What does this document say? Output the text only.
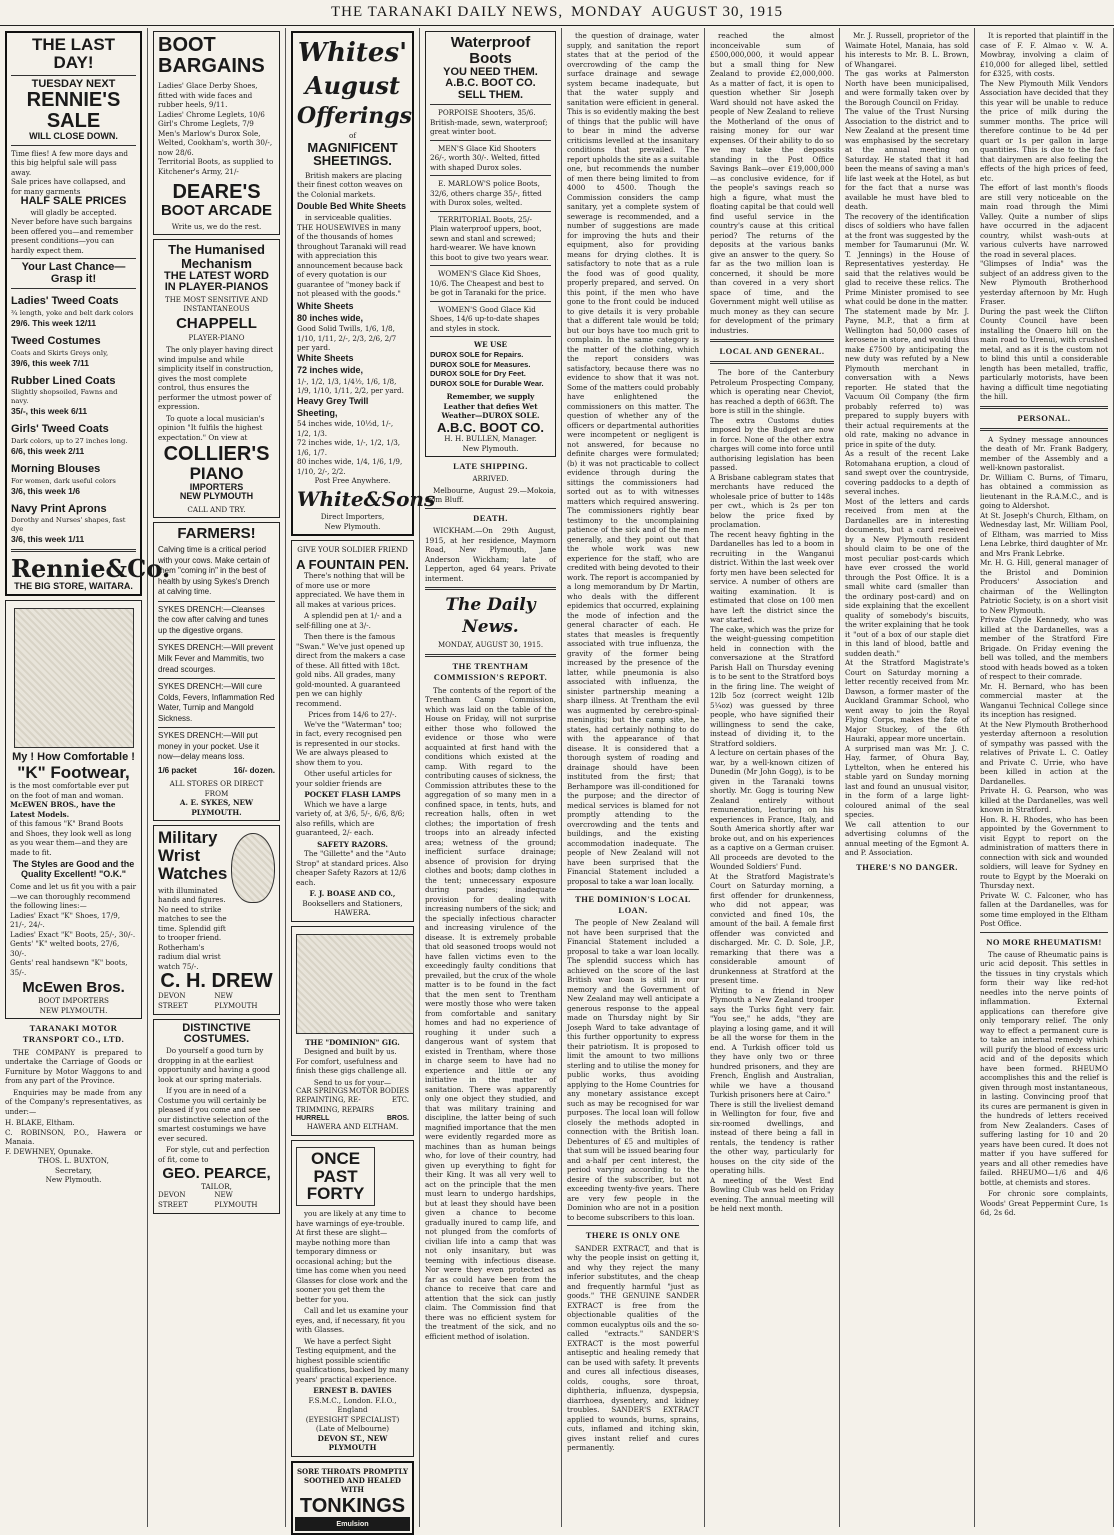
THE TARANAKI DAILY NEWS, MONDAY AUGUST 30, 1915
THE LAST DAY!
TUESDAY NEXT
RENNIE'S
SALE
WILL CLOSE DOWN.
Time flies! A few more days and this big helpful sale will pass away.
Sale prices have collapsed, and for many garments
HALF SALE PRICES
will gladly be accepted.
Never before have such bargains been offered you—and remember present conditions—you can hardly expect them.
Your Last Chance—
Grasp it!
Ladies' Tweed Coats
¾ length, yoke and belt dark colors
29/6. This week 12/11
Tweed Costumes
Coats and Skirts Greys only,
39/6, this week 7/11
Rubber Lined Coats
Slightly shopsoiled, Fawns and navy.
35/-, this week 6/11
Girls' Tweed Coats
Dark colors, up to 27 inches long.
6/6, this week 2/11
Morning Blouses
For women, dark useful colors
3/6, this week 1/6
Navy Print Aprons
Dorothy and Nurses' shapes, fast dye
3/6, this week 1/11
Rennie&Co.
THE BIG STORE, WAITARA.
My ! How Comfortable !
"K" Footwear,
is the most comfortable ever put on the foot of man and woman.
McEWEN BROS., have the Latest Models.
of this famous "K" Brand Boots and Shoes, they look well as long as you wear them—and they are made to fit.
The Styles are Good and the Quality Excellent! "O.K."
Come and let us fit you with a pair—we can thoroughly recommend the following lines:—
Ladies' Exact "K" Shoes, 17/9, 21/-, 24/-.
Ladies' Exact "K" Boots, 25/-, 30/-.
Gents' "K" welted boots, 27/6, 30/-.
Gents' real handsewn "K" boots, 35/-.
McEwen Bros.
BOOT IMPORTERS
NEW PLYMOUTH.
TARANAKI MOTOR TRANSPORT CO., LTD.
THE COMPANY is prepared to undertake the Carriage of Goods or Furniture by Motor Waggons to and from any part of the Province.
Enquiries may be made from any of the Company's representatives, as under:—
H. BLAKE, Eltham.
C. ROBINSON, P.O., Hawera or Manaia.
F. DEWHNEY, Opunake.
THOS. L. BUXTON,
Secretary,
New Plymouth.
BOOT
BARGAINS
Ladies' Glace Derby Shoes, fitted with wide faces and rubber heels, 9/11.
Ladies' Chrome Leglets, 10/6
Girl's Chrome Leglets, 7/9
Men's Marlow's Durox Sole, Welted, Cookham's, worth 30/-, now 28/6.
Territorial Boots, as supplied to Kitchener's Army, 21/-
DEARE'S
BOOT ARCADE
Write us, we do the rest.
The Humanised
Mechanism
THE LATEST WORD
IN PLAYER-PIANOS
THE MOST SENSITIVE AND INSTANTANEOUS
CHAPPELL
PLAYER-PIANO
The only player having direct wind impulse and while simplicity itself in construction, gives the most complete control, thus ensures the performer the utmost power of expression.
To quote a local musician's opinion "It fulfils the highest expectation." On view at
COLLIER'S
PIANO
IMPORTERS
NEW PLYMOUTH
CALL AND TRY.
FARMERS!
Calving time is a critical period with your cows. Make certain of them "coming in" in the best of health by using Sykes's Drench at calving time.
SYKES DRENCH:—Cleanses the cow after calving and tunes up the digestive organs.
SYKES DRENCH:—Will prevent Milk Fever and Mammitis, two dread scourges.
SYKES DRENCH:—Will cure Colds, Fevers, Inflammation Red Water, Turnip and Mangold Sickness.
SYKES DRENCH:—Will put money in your pocket. Use it now—delay means loss.
1/6 packet	16/- dozen.
ALL STORES OR DIRECT FROM
A. E. SYKES, NEW PLYMOUTH.
Military
Wrist
Watches
with illuminated hands and figures. No need to strike matches to see the time. Splendid gift to trooper friend.
Rotherham's radium dial wrist watch 75/-.
C. H. DREW
DEVON STREET
NEW PLYMOUTH
DISTINCTIVE COSTUMES.
Do yourself a good turn by dropping in at the earliest opportunity and having a good look at our spring materials.
If you are in need of a Costume you will certainly be pleased if you come and see our distinctive selection of the smartest costumings we have ever secured.
For style, cut and perfection of fit, come to
GEO. PEARCE,
TAILOR,
DEVON STREET
NEW PLYMOUTH
Whites'
August
Offerings
of
MAGNIFICENT
SHEETINGS.
British makers are placing their finest cotton weaves on the Colonial markets.
Double Bed White Sheets
in serviceable qualities. THE HOUSEWIVES in many of the thousands of homes throughout Taranaki will read with appreciation this announcement because back of every quotation is our guarantee of "money back if not pleased with the goods."
White Sheets
80 inches wide,
Good Solid Twills, 1/6, 1/8, 1/10, 1/11, 2/-, 2/3, 2/6, 2/7 per yard.
White Sheets
72 inches wide,
1/-, 1/2, 1/3, 1/4½, 1/6, 1/8, 1/9, 1/10, 1/11, 2/2, per yard.
Heavy Grey Twill Sheeting,
54 inches wide, 10½d, 1/-, 1/2, 1/3.
72 inches wide, 1/-, 1/2, 1/3, 1/6, 1/7.
80 inches wide, 1/4, 1/6, 1/9, 1/10, 2/-, 2/2.
Post Free Anywhere.
White&Sons
Direct Importers,
New Plymouth.
GIVE YOUR SOLDIER FRIEND
A FOUNTAIN PEN.
There's nothing that will be of more use or more appreciated. We have them in all makes at various prices.
A splendid pen at 1/- and a self-filling one at 3/-.
Then there is the famous "Swan." We've just opened up direct from the makers a case of these. All fitted with 18ct. gold nibs. All grades, many gold-mounted. A guaranteed pen we can highly recommend.
Prices from 14/6 to 27/-.
We've the "Waterman" too; in fact, every recognised pen is represented in our stocks. We are always pleased to show them to you.
Other useful articles for your soldier friends are
POCKET FLASH LAMPS
Which we have a large variety of, at 3/6, 5/-, 6/6, 8/6; also refills, which are guaranteed, 2/- each.
SAFETY RAZORS.
The "Gillette" and the "Auto Strop" at standard prices. Also cheaper Safety Razors at 12/6 each.
F. J. BOASE AND CO.,
Booksellers and Stationers,
HAWERA.
THE "DOMINION" GIG.
Designed and built by us. For comfort, usefulness and finish these gigs challenge all.
Send to us for your—
CAR SPRINGS MOTOR BODIES
REPAINTING, RE-TRIMMING, REPAIRS
ETC.
HURRELL	BROS.
HAWERA AND ELTHAM.
ONCE
PAST
FORTY
you are likely at any time to have warnings of eye-trouble. At first these are slight—maybe nothing more than temporary dimness or occasional aching; but the time has come when you need Glasses for close work and the sooner you get them the better for you.
Call and let us examine your eyes, and, if necessary, fit you with Glasses.
We have a perfect Sight Testing equipment, and the highest possible scientific qualifications, backed by many years' practical experience.
ERNEST B. DAVIES
F.S.M.C., London. F.I.O., England
(EYESIGHT SPECIALIST)
(Late of Melbourne)
DEVON ST., NEW PLYMOUTH
SORE THROATS PROMPTLY SOOTHED AND HEALED WITH
TONKINGS
Emulsion
Waterproof Boots
YOU NEED THEM.
A.B.C. BOOT CO.
SELL THEM.
PORPOISE Shooters, 35/6. British-made, sewn, waterproof; great winter boot.
MEN'S Glace Kid Shooters 26/-, worth 30/-. Welted, fitted with shaped Durox soles.
E. MARLOW'S police Boots, 32/6, others charge 35/-, fitted with Durox soles, welted.
TERRITORIAL Boots, 25/- Plain waterproof uppers, boot, sewn and stanl and screwed; hard-wearer. We have known this boot to give two years wear.
WOMEN'S Glace Kid Shoes, 10/6. The Cheapest and best to be got in Taranaki for the price.
WOMEN'S Good Glace Kid Shoes, 14/6 up-to-date shapes and styles in stock.
WE USE
DUROX SOLE for Repairs.
DUROX SOLE for Measures.
DUROX SOLE for Dry Feet.
DUROX SOLE for Durable Wear.
Remember, we supply Leather that defies Wet Weather—DUROX SOLE.
A.B.C. BOOT CO.
H. H. BULLEN, Manager.
New Plymouth.
LATE SHIPPING.
ARRIVED.
Melbourne, August 29.—Mokoia, from Bluff.
DEATH.
WICKHAM.—On 29th August, 1915, at her residence, Maymorn Road, New Plymouth, Jane Anderson Wickham; late of Lepperton, aged 64 years. Private interment.
The Daily News.
MONDAY, AUGUST 30, 1915.
THE TRENTHAM COMMISSION'S REPORT.
The contents of the report of the Trentham Camp Commission, which was laid on the table of the House on Friday, will not surprise either those who followed the evidence or those who were acquainted at first hand with the conditions which existed at the camp. With regard to the contributing causes of sickness, the Commission attributes these to the aggregation of so many men in a confined space, in tents, huts, and recreation halls, often in wet clothes; the importation of fresh troops into an already infected area; wetness of the ground; inefficient surface drainage; absence of provision for drying clothes and boots; damp clothes in the tent; unnecessary exposure during parades; inadequate provision for dealing with increasing numbers of the sick; and the specially infectious character and increasing virulence of the disease. It is extremely probable that old seasoned troops would not have fallen victims even to the exceedingly faulty conditions that prevailed, but the crux of the whole matter is to be found in the fact that the men sent to Trentham were mostly those who were taken from comfortable and sanitary homes and had no experience of roughing it under such a dangerous want of system that existed in Trentham, where those in charge seem to have had no experience and little or any initiative in the matter of sanitation. There was apparently only one object they studied, and that was military training and discipline, the latter being of such magnified importance that the men were evidently regarded more as machines than as human beings who, for love of their country, had given up everything to fight for their King. It was all very well to act on the principle that the men must learn to undergo hardships, but at least they should have been given a chance to become gradually inured to camp life, and not plunged from the comforts of civilian life into a camp that was not only insanitary, but was teeming with infectious disease. Nor were they even protected as far as could have been from the chance to receive that care and attention that the sick can justly claim. The Commission find that there was no efficient system for the treatment of the sick, and no efficient method of isolation.
the question of drainage, water supply, and sanitation the report states that at the period of the overcrowding of the camp the surface drainage and sewage system became inadequate, but that the water supply and sanitation were efficient in general. This is so evidently making the best of things that the public will have to bear in mind the adverse criticisms levelled at the insanitary conditions that prevailed. The report upholds the site as a suitable one, but recommends the number of men there being limited to from 4000 to 4500. Though the Commission considers the camp sanitary, yet a complete system of sewerage is recommended, and a number of suggestions are made for improving the huts and their equipment, also for providing means for drying clothes. It is satisfactory to note that as a rule the food was of good quality, properly prepared, and served. On this point, if the men who have gone to the front could be induced to give details it is very probable that a different tale would be told; but our boys have too much grit to complain. In the same category is the matter of the clothing, which the report considers was satisfactory, because there was no evidence to show that it was not. Some of the matters could probably have enlightened the commissioners on this matter. The question of whether any of the officers or departmental authorities were incompetent or negligent is not answered, for because no definite charges were formulated; (b) it was not practicable to collect evidence through during the sittings the commissioners had sorted out as to with witnesses matters which required answering. The commissioners rightly bear testimony to the uncomplaining patience of the sick and of the men generally, and they point out that the whole work was new experience for the staff, who are credited with being devoted to their work. The report is accompanied by a long memorandum by Dr Martin, who deals with the different epidemics that occurred, explaining the mode of infection and the general character of each. He states that measles is frequently associated with true influenza, the gravity of the former being increased by the presence of the latter, while pneumonia is also associated with influenza, the sinister partnership meaning a sharp illness. At Trentham the evil was augmented by cerebro-spinal-meningitis; but the camp site, he states, had certainly nothing to do with the appearance of that disease. It is considered that a thorough system of roading and drainage should have been instituted from the first; that Berhampore was ill-conditioned for the purpose; and the director of medical services is blamed for not promptly attending to the overcrowding and the tents and buildings, and the existing accommodation inadequate. The people of New Zealand will not have been surprised that the Financial Statement included a proposal to take a war loan locally.
THE DOMINION'S LOCAL LOAN.
The people of New Zealand will not have been surprised that the Financial Statement included a proposal to take a war loan locally. The splendid success which has achieved on the score of the last British war loan is still in our memory and the Government of New Zealand may well anticipate a generous response to the appeal made on Thursday night by Sir Joseph Ward to take advantage of this further opportunity to express their patriotism. It is proposed to limit the amount to two millions sterling and to utilise the money for public works, thus avoiding applying to the Home Countries for any monetary assistance except such as may be recognised for war purposes. The local loan will follow closely the methods adopted in connection with the British loan. Debentures of £5 and multiples of that sum will be issued bearing four and a-half per cent interest, the period varying according to the desire of the subscriber, but not exceeding twenty-five years. There are very few people in the Dominion who are not in a position to become subscribers to this loan.
THERE IS ONLY ONE
SANDER EXTRACT, and that is why the people insist on getting it, and why they reject the many inferior substitutes, and the cheap and frequently harmful "just as goods." THE GENUINE SANDER EXTRACT is free from the objectionable qualities of the common eucalyptus oils and the so-called "extracts." SANDER'S EXTRACT is the most powerful antiseptic and healing remedy that can be used with safety. It prevents and cures all infectious diseases, colds, coughs, sore throat, diphtheria, influenza, dyspepsia, diarrhoea, dysentery, and kidney troubles. SANDER'S EXTRACT applied to wounds, burns, sprains, cuts, inflamed and itching skin, gives instant relief and cures permanently.
reached the almost inconceivable sum of £500,000,000, it would appear but a small thing for New Zealand to provide £2,000,000. As a matter of fact, it is open to question whether Sir Joseph Ward should not have asked the people of New Zealand to relieve the Motherland of the onus of raising money for our war expenses. Of their ability to do so we may take the deposits standing in the Post Office Savings Bank—over £19,000,000—as conclusive evidence, for if the people's savings reach so high a figure, what must the floating capital be that could well find useful service in the country's cause at this critical period? The returns of the deposits at the various banks give an answer to the query. So far as the two million loan is concerned, it should be more than covered in a very short space of time, and the Government might well utilise as much money as they can secure for development of the primary industries.
LOCAL AND GENERAL.
The bore of the Canterbury Petroleum Prospecting Company, which is operating near Cheviot, has reached a depth of 663ft. The bore is still in the shingle.
The extra Customs duties imposed by the Budget are now in force. None of the other extra charges will come into force until authorising legislation has been passed.
A Brisbane cablegram states that merchants have reduced the wholesale price of butter to 148s per cwt., which is 2s per ton below the price fixed by proclamation.
The recent heavy fighting in the Dardanelles has led to a boom in recruiting in the Wanganui district. Within the last week over forty men have been selected for service. A number of others are waiting examination. It is estimated that close on 100 men have left the district since the war started.
The cake, which was the prize for the weight-guessing competition held in connection with the conversazione at the Stratford Parish Hall on Thursday evening is to be sent to the Stratford boys in the firing line. The weight of 12lb 5oz (correct weight 12lb 5¼oz) was guessed by three people, who have signified their willingness to send the cake, instead of dividing it, to the Stratford soldiers.
A lecture on certain phases of the war, by a well-known citizen of Dunedin (Mr John Gogg), is to be given in the Taranaki towns shortly. Mr. Gogg is touring New Zealand entirely without remuneration, lecturing on his experiences in France, Italy, and South America shortly after war broke out, and on his experiences as a captive on a German cruiser. All proceeds are devoted to the Wounded Soldiers' Fund.
At the Stratford Magistrate's Court on Saturday morning, a first offender for drunkenness, who did not appear, was convicted and fined 10s, the amount of the bail. A female first offender was convicted and discharged. Mr. C. D. Sole, J.P., remarking that there was a considerable amount of drunkenness at Stratford at the present time.
Writing to a friend in New Plymouth a New Zealand trooper says the Turks fight very fair. "You see," he adds, "they are playing a losing game, and it will be all the worse for them in the end. A Turkish officer told us they have only two or three hundred prisoners, and they are French, English and Australian, while we have a thousand Turkish prisoners here at Cairo."
There is still the liveliest demand in Wellington for four, five and six-roomed dwellings, and instead of there being a fall in rentals, the tendency is rather the other way, particularly for houses on the city side of the operating hills.
A meeting of the West End Bowling Club was held on Friday evening. The annual meeting will be held next month.
Mr. J. Russell, proprietor of the Waimate Hotel, Manaia, has sold his interests to Mr. B. L. Brown, of Whangarei.
The gas works at Palmerston North have been municipalised, and were formally taken over by the Borough Council on Friday.
The value of the Trust Nursing Association to the district and to New Zealand at the present time was emphasised by the secretary at the annual meeting on Saturday. He stated that it had been the means of saving a man's life last week at the Hotel, as but for the fact that a nurse was available he must have bled to death.
The recovery of the identification discs of soldiers who have fallen at the front was suggested by the member for Taumarunui (Mr. W. T. Jennings) in the House of Representatives yesterday. He said that the relatives would be glad to receive these relics. The Prime Minister promised to see what could be done in the matter.
The statement made by Mr. J. Payne, M.P., that a firm at Wellington had 50,000 cases of kerosene in store, and would thus make £7500 by anticipating the new duty was refuted by a New Plymouth merchant in conversation with a News reporter. He stated that the Vacuum Oil Company (the firm probably referred to) was prepared to supply buyers with their actual requirements at the old rate, making no advance in price in spite of the duty.
As a result of the recent Lake Rotomahana eruption, a cloud of sand swept over the countryside, covering paddocks to a depth of several inches.
Most of the letters and cards received from men at the Dardanelles are in interesting documents, but a card received by a New Plymouth resident should claim to be one of the most peculiar post-cards which have ever crossed the world through the Post Office. It is a small white card (smaller than the ordinary post-card) and on side explaining that the excellent quality of somebody's biscuits, the writer explaining that he took it "out of a box of our staple diet in this land of blood, battle and sudden death."
At the Stratford Magistrate's Court on Saturday morning a letter recently received from Mr. Dawson, a former master of the Auckland Grammar School, who went away to join the Royal Flying Corps, makes the fate of Major Stuckey, of the 6th Hauraki, appear more uncertain.
A surprised man was Mr. J. C. Hay, farmer, of Ohura Bay, Lyttelton, when he entered his stable yard on Sunday morning last and found an unusual visitor, in the form of a large light-coloured animal of the seal species.
We call attention to our advertising columns of the annual meeting of the Egmont A. and P. Association.
THERE'S NO DANGER.
It is reported that plaintiff in the case of F. F. Almao v. W. A. Mowbray, involving a claim of £10,000 for alleged libel, settled for £325, with costs.
The New Plymouth Milk Vendors Association have decided that they this year will be unable to reduce the price of milk during the summer months. The price will therefore continue to be 4d per quart or 1s per gallon in large quantities. This is due to the fact that dairymen are also feeling the effects of the high prices of feed, etc.
The effort of last month's floods are still very noticeable on the main road through the Mimi Valley. Quite a number of slips have occurred in the adjacent country, whilst wash-outs at various culverts have narrowed the road in several places.
"Glimpses of India" was the subject of an address given to the New Plymouth Brotherhood yesterday afternoon by Mr. Hugh Fraser.
During the past week the Clifton County Council have been installing the Onaero hill on the main road to Urenui, with crushed metal, and as it is the custom not to blind this until a considerable length has been metalled, traffic, particularly motorists, have been having a difficult time negotiating the hill.
PERSONAL.
A Sydney message announces the death of Mr. Frank Badgery, member of the Assembly and a well-known pastoralist.
Dr. William C. Burns, of Timaru, has obtained a commission as lieutenant in the R.A.M.C., and is going to Aldershot.
At St. Joseph's Church, Eltham, on Wednesday last, Mr. William Pool, of Eltham, was married to Miss Lena Lebrke, third daughter of Mr. and Mrs Frank Lebrke.
Mr. H. G. Hill, general manager of the Bristol and Dominion Producers' Association and chairman of the Wellington Patriotic Society, is on a short visit to New Plymouth.
Private Clyde Kennedy, who was killed at the Dardanelles, was a member of the Stratford Fire Brigade. On Friday evening the bell was tolled, and the members stood with heads bowed as a token of respect to their comrade.
Mr. H. Bernard, who has been commercial master at the Wanganui Technical College since its inception has resigned.
At the New Plymouth Brotherhood yesterday afternoon a resolution of sympathy was passed with the relatives of Private L. C. Oatley and Private C. Urrie, who have been killed in action at the Dardanelles.
Private H. G. Pearson, who was killed at the Dardanelles, was well known in Stratford.
Hon. R. H. Rhodes, who has been appointed by the Government to visit Egypt to report on the administration of matters there in connection with sick and wounded soldiers, will leave for Sydney en route to Egypt by the Moeraki on Thursday next.
Private W. C. Falconer, who has fallen at the Dardanelles, was for some time employed in the Eltham Post Office.
NO MORE RHEUMATISM!
The cause of Rheumatic pains is uric acid deposit. This settles in the tissues in tiny crystals which form their way like red-hot needles into the nerve points of inflammation. External applications can therefore give only temporary relief. The only way to effect a permanent cure is to take an internal remedy which will purify the blood of excess uric acid and of the deposits which have been formed. RHEUMO accomplishes this and the relief is given through most instantaneous, in lasting. Convincing proof that its cures are permanent is given in the hundreds of letters received from New Zealanders. Cases of suffering lasting for 10 and 20 years have been cured. It does not matter if you have suffered for years and all other remedies have failed. RHEUMO—1/6 and 4/6 bottle, at chemists and stores.
For chronic sore complaints, Woods' Great Peppermint Cure, 1s 6d, 2s 6d.
